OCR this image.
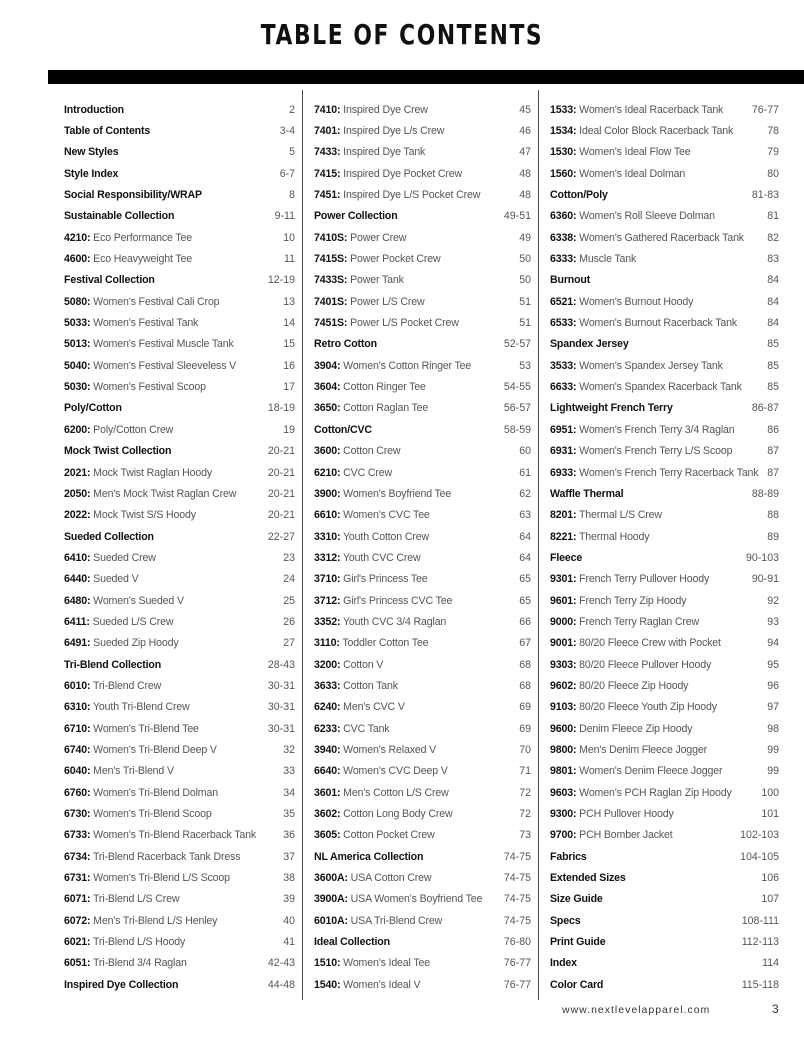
TABLE OF CONTENTS
Introduction	2
Table of Contents	3-4
New Styles	5
Style Index	6-7
Social Responsibility/WRAP	8
Sustainable Collection	9-11
4210: Eco Performance Tee	10
4600: Eco Heavyweight Tee	11
Festival Collection	12-19
5080: Women's Festival Cali Crop	13
5033: Women's Festival Tank	14
5013: Women's Festival Muscle Tank	15
5040: Women's Festival Sleeveless V	16
5030: Women's Festival Scoop	17
Poly/Cotton	18-19
6200: Poly/Cotton Crew	19
Mock Twist Collection	20-21
2021: Mock Twist Raglan Hoody	20-21
2050: Men's Mock Twist Raglan Crew	20-21
2022: Mock Twist S/S Hoody	20-21
Sueded Collection	22-27
6410: Sueded Crew	23
6440: Sueded V	24
6480: Women's Sueded V	25
6411: Sueded L/S Crew	26
6491: Sueded Zip Hoody	27
Tri-Blend Collection	28-43
6010: Tri-Blend Crew	30-31
6310: Youth Tri-Blend Crew	30-31
6710: Women's Tri-Blend Tee	30-31
6740: Women's Tri-Blend Deep V	32
6040: Men's Tri-Blend V	33
6760: Women's Tri-Blend Dolman	34
6730: Women's Tri-Blend Scoop	35
6733: Women's Tri-Blend Racerback Tank	36
6734: Tri-Blend Racerback Tank Dress	37
6731: Women's Tri-Blend L/S Scoop	38
6071: Tri-Blend L/S Crew	39
6072: Men's Tri-Blend L/S Henley	40
6021: Tri-Blend L/S Hoody	41
6051: Tri-Blend 3/4 Raglan	42-43
Inspired Dye Collection	44-48
7410: Inspired Dye Crew	45
7401: Inspired Dye L/s Crew	46
7433: Inspired Dye Tank	47
7415: Inspired Dye Pocket Crew	48
7451: Inspired Dye L/S Pocket Crew	48
Power Collection	49-51
7410S: Power Crew	49
7415S: Power Pocket Crew	50
7433S: Power Tank	50
7401S: Power L/S Crew	51
7451S: Power L/S Pocket Crew	51
Retro Cotton	52-57
3904: Women's Cotton Ringer Tee	53
3604: Cotton Ringer Tee	54-55
3650: Cotton Raglan Tee	56-57
Cotton/CVC	58-59
3600: Cotton Crew	60
6210: CVC Crew	61
3900: Women's Boyfriend Tee	62
6610: Women's CVC Tee	63
3310: Youth Cotton Crew	64
3312: Youth CVC Crew	64
3710: Girl's Princess Tee	65
3712: Girl's Princess CVC Tee	65
3352: Youth CVC 3/4 Raglan	66
3110: Toddler Cotton Tee	67
3200: Cotton V	68
3633: Cotton Tank	68
6240: Men's CVC V	69
6233: CVC Tank	69
3940: Women's Relaxed V	70
6640: Women's CVC Deep V	71
3601: Men's Cotton L/S Crew	72
3602: Cotton Long Body Crew	72
3605: Cotton Pocket Crew	73
NL America Collection	74-75
3600A: USA Cotton Crew	74-75
3900A: USA Women's Boyfriend Tee 74-75
6010A: USA Tri-Blend Crew	74-75
Ideal Collection	76-80
1510: Women's Ideal Tee	76-77
1540: Women's Ideal V	76-77
1533: Women's Ideal Racerback Tank	76-77
1534: Ideal Color Block Racerback Tank	78
1530: Women's Ideal Flow Tee	79
1560: Women's Ideal Dolman	80
Cotton/Poly	81-83
6360: Women's Roll Sleeve Dolman	81
6338: Women's Gathered Racerback Tank 82
6333: Muscle Tank	83
Burnout	84
6521: Women's Burnout Hoody	84
6533: Women's Burnout Racerback Tank	84
Spandex Jersey	85
3533: Women's Spandex Jersey Tank	85
6633: Women's Spandex Racerback Tank 85
Lightweight French Terry	86-87
6951: Women's French Terry 3/4 Raglan	86
6931: Women's French Terry L/S Scoop	87
6933: Women's French Terry Racerback Tank 87
Waffle Thermal	88-89
8201: Thermal L/S Crew	88
8221: Thermal Hoody	89
Fleece	90-103
9301: French Terry Pullover Hoody	90-91
9601: French Terry Zip Hoody	92
9000: French Terry Raglan Crew	93
9001: 80/20 Fleece Crew with Pocket	94
9303: 80/20 Fleece Pullover Hoody	95
9602: 80/20 Fleece Zip Hoody	96
9103: 80/20 Fleece Youth Zip Hoody	97
9600: Denim Fleece Zip Hoody	98
9800: Men's Denim Fleece Jogger	99
9801: Women's Denim Fleece Jogger	99
9603: Women's PCH Raglan Zip Hoody	100
9300: PCH Pullover Hoody	101
9700: PCH Bomber Jacket	102-103
Fabrics	104-105
Extended Sizes	106
Size Guide	107
Specs	108-111
Print Guide	112-113
Index	114
Color Card	115-118
www.nextlevelapparel.com	3
